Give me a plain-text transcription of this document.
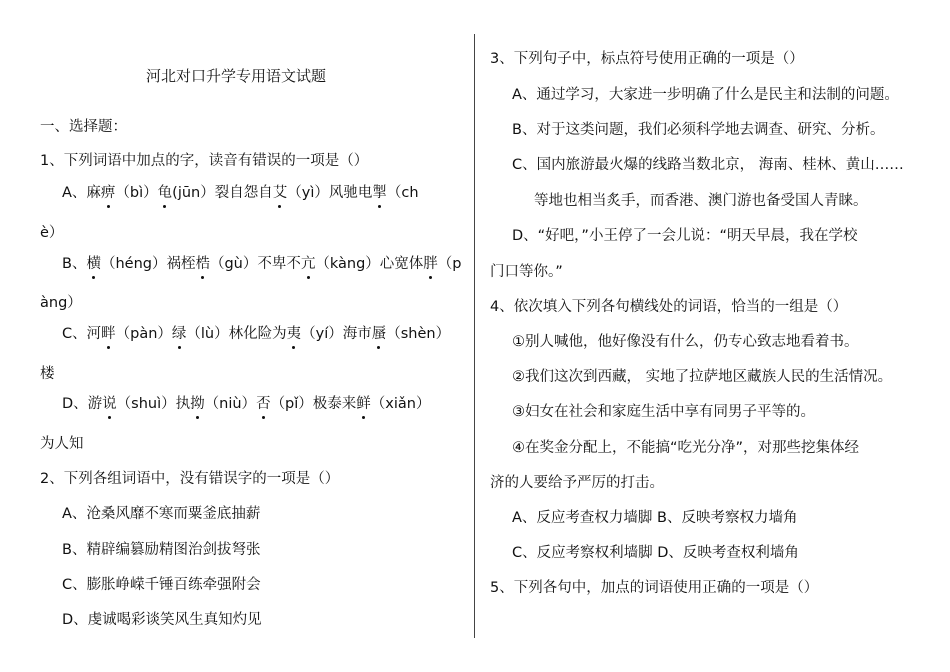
河北对口升学专用语文试题
一、选择题：
1、下列词语中加点的字，读音有错误的一项是（）
A、麻痹（bì）龟(jūn）裂自怨自艾（yì）风驰电掣（ch
è）
B、横（héng）祸桎梏（gù）不卑不亢（kàng）心宽体胖（p
àng）
C、河畔（pàn）绿（lù）林化险为夷（yí）海市蜃（shèn）
楼
D、游说（shuì）执拗（niù）否（pǐ）极泰来鲜（xiǎn）
为人知
2、下列各组词语中，没有错误字的一项是（）
A、沧桑风靡不寒而粟釜底抽薪
B、精辟编篡励精图治剑拔弩张
C、膨胀峥嵘千锤百练牵强附会
D、虔诚喝彩谈笑风生真知灼见
3、下列句子中，标点符号使用正确的一项是（）
A、通过学习，大家进一步明确了什么是民主和法制的问题。
B、对于这类问题，我们必须科学地去调查、研究、分析。
C、国内旅游最火爆的线路当数北京， 海南、桂林、黄山……
等地也相当炙手，而香港、澳门游也备受国人青睐。
D、“好吧，”小王停了一会儿说：“明天早晨，我在学校
门口等你。”
4、依次填入下列各句横线处的词语，恰当的一组是（）
①别人喊他，他好像没有什么，仍专心致志地看着书。
②我们这次到西藏， 实地了拉萨地区藏族人民的生活情况。
③妇女在社会和家庭生活中享有同男子平等的。
④在奖金分配上，不能搞“吃光分净”，对那些挖集体经
济的人要给予严厉的打击。
A、反应考查权力墙脚 B、反映考察权力墙角
C、反应考察权利墙脚 D、反映考查权利墙角
5、下列各句中，加点的词语使用正确的一项是（）
